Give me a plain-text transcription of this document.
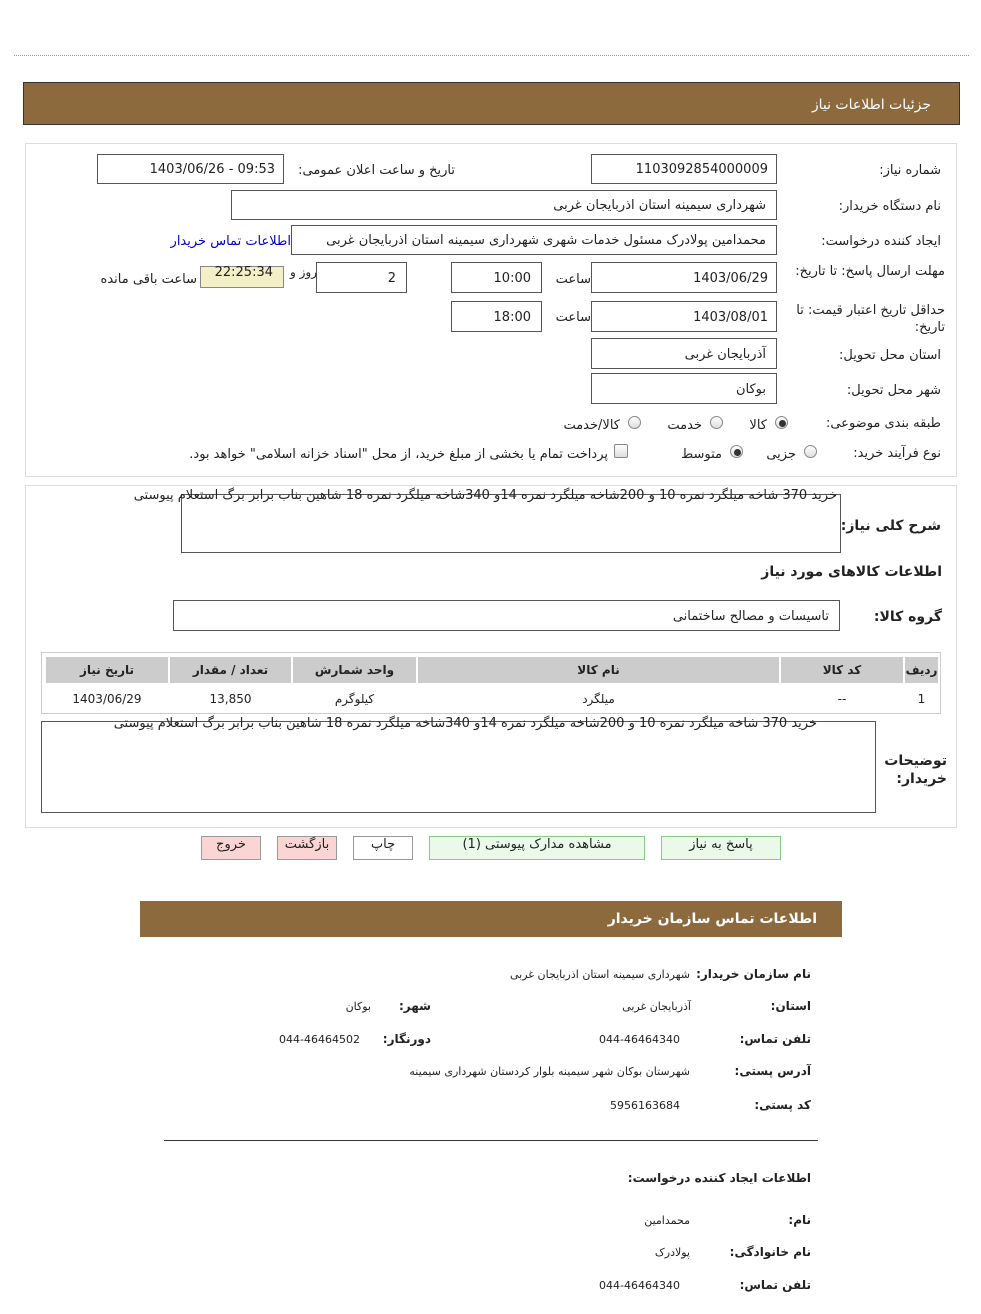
جزئیات اطلاعات نیاز
شماره نیاز:
1103092854000009
تاریخ و ساعت اعلان عمومی:
1403/06/26 - 09:53
نام دستگاه خریدار:
شهرداری سیمینه استان اذربایجان غربی
ایجاد کننده درخواست:
محمدامین پولادرک مسئول خدمات شهری شهرداری سیمینه استان اذربایجان غربی
اطلاعات تماس خریدار
مهلت ارسال پاسخ: تا تاریخ:
1403/06/29
ساعت
10:00
2
روز و
22:25:34
ساعت باقی مانده
حداقل تاریخ اعتبار قیمت: تا تاریخ:
1403/08/01
ساعت
18:00
استان محل تحویل:
آذربایجان غربی
شهر محل تحویل:
بوکان
طبقه بندی موضوعی:
کالا
خدمت
کالا/خدمت
نوع فرآیند خرید:
جزیی
متوسط
پرداخت تمام یا بخشی از مبلغ خرید، از محل "اسناد خزانه اسلامی" خواهد بود.
شرح کلی نیاز:
خرید 370 شاخه میلگرد نمره 10 و 200شاخه میلگرد نمره 14و 340شاخه میلگرد نمره 18 شاهین بناب برابر برگ استعلام پیوستی
اطلاعات کالاهای مورد نیاز
گروه کالا:
تاسیسات و مصالح ساختمانی
ردیف
کد کالا
نام کالا
واحد شمارش
تعداد / مقدار
تاریخ نیاز
1
--
میلگرد
کیلوگرم
13,850
1403/06/29
توضیحات خریدار:
خرید 370 شاخه میلگرد نمره 10 و 200شاخه میلگرد نمره 14و 340شاخه میلگرد نمره 18 شاهین بناب برابر برگ استعلام پیوستی
پاسخ به نیاز
مشاهده مدارک پیوستی (1)
چاپ
بازگشت
خروج
اطلاعات تماس سازمان خریدار
نام سازمان خریدار:
شهرداری سیمینه استان اذربایجان غربی
استان:
آذربایجان غربی
شهر:
بوکان
تلفن تماس:
044-46464340
دورنگار:
044-46464502
آدرس پستی:
شهرستان بوکان شهر سیمینه بلوار کردستان شهرداری سیمینه
کد پستی:
5956163684
اطلاعات ایجاد کننده درخواست:
نام:
محمدامین
نام خانوادگی:
پولادرک
تلفن تماس:
044-46464340
